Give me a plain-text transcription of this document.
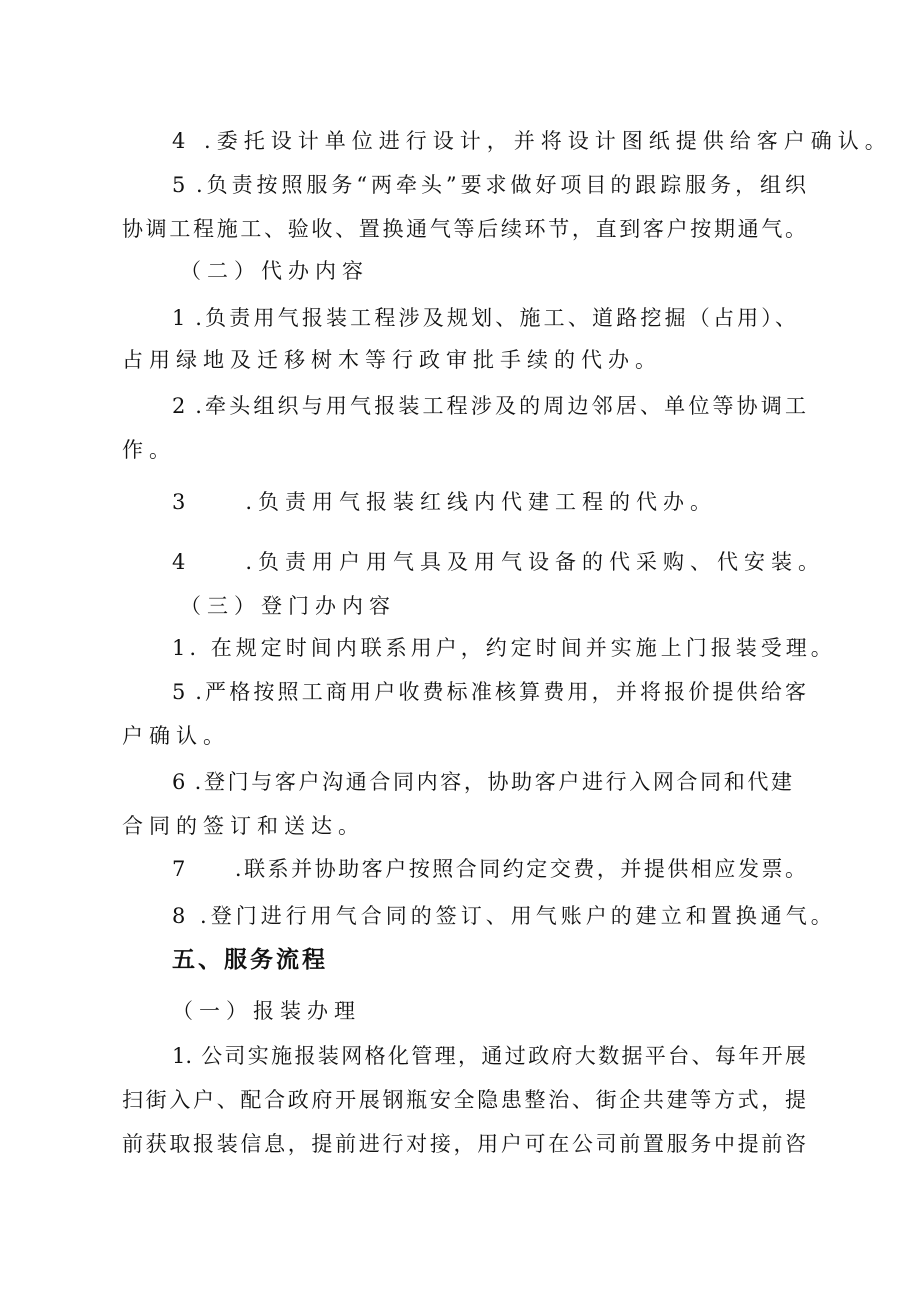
4 .委托设计单位进行设计，并将设计图纸提供给客户确认。
5 .负责按照服务“两牵头”要求做好项目的跟踪服务，组织
协调工程施工、验收、置换通气等后续环节，直到客户按期通气。
（二）代办内容
1 .负责用气报装工程涉及规划、施工、道路挖掘（占用）、
占用绿地及迁移树木等行政审批手续的代办。
2 .牵头组织与用气报装工程涉及的周边邻居、单位等协调工
作。
3　　.负责用气报装红线内代建工程的代办。
4　　.负责用户用气具及用气设备的代采购、代安装。
（三）登门办内容
1. 在规定时间内联系用户，约定时间并实施上门报装受理。
5 .严格按照工商用户收费标准核算费用，并将报价提供给客
户确认。
6 .登门与客户沟通合同内容，协助客户进行入网合同和代建
合同的签订和送达。
7　　.联系并协助客户按照合同约定交费，并提供相应发票。
8 .登门进行用气合同的签订、用气账户的建立和置换通气。
五、服务流程
（一）报装办理
1. 公司实施报装网格化管理，通过政府大数据平台、每年开展
扫街入户、配合政府开展钢瓶安全隐患整治、街企共建等方式，提
前获取报装信息，提前进行对接，用户可在公司前置服务中提前咨
